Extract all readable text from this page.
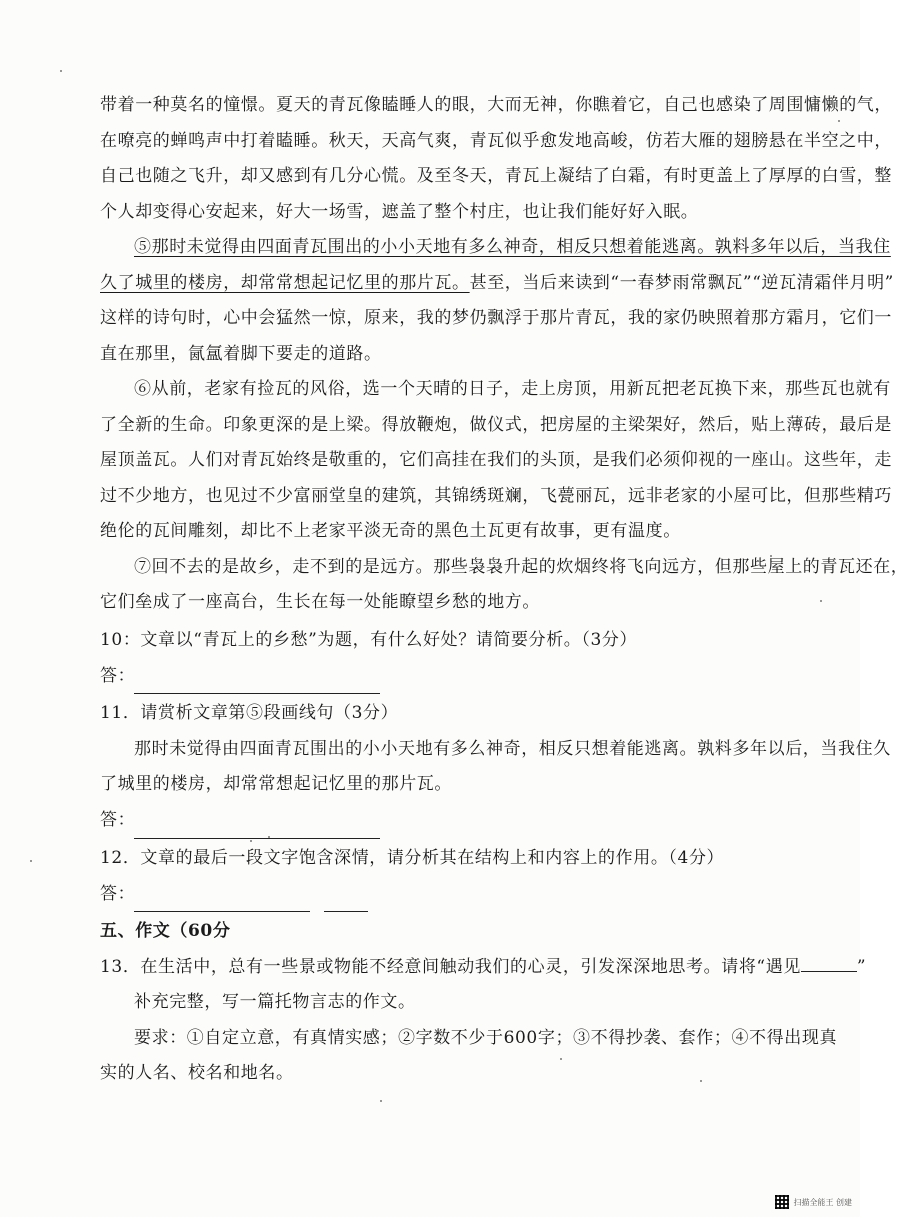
带着一种莫名的憧憬。夏天的青瓦像瞌睡人的眼，大而无神，你瞧着它，自己也感染了周围慵懒的气，

在嘹亮的蝉鸣声中打着瞌睡。秋天，天高气爽，青瓦似乎愈发地高峻，仿若大雁的翅膀悬在半空之中，

自己也随之飞升，却又感到有几分心慌。及至冬天，青瓦上凝结了白霜，有时更盖上了厚厚的白雪，整

个人却变得心安起来，好大一场雪，遮盖了整个村庄，也让我们能好好入眠。

⑤那时未觉得由四面青瓦围出的小小天地有多么神奇，相反只想着能逃离。孰料多年以后，当我住

久了城里的楼房，却常常想起记忆里的那片瓦。甚至，当后来读到“一春梦雨常飘瓦”“逆瓦清霜伴月明”

这样的诗句时，心中会猛然一惊，原来，我的梦仍飘浮于那片青瓦，我的家仍映照着那方霜月，它们一

直在那里，氤氲着脚下要走的道路。

⑥从前，老家有捡瓦的风俗，选一个天晴的日子，走上房顶，用新瓦把老瓦换下来，那些瓦也就有

了全新的生命。印象更深的是上梁。得放鞭炮，做仪式，把房屋的主梁架好，然后，贴上薄砖，最后是

屋顶盖瓦。人们对青瓦始终是敬重的，它们高挂在我们的头顶，是我们必须仰视的一座山。这些年，走

过不少地方，也见过不少富丽堂皇的建筑，其锦绣斑斓，飞甍丽瓦，远非老家的小屋可比，但那些精巧

绝伦的瓦间雕刻，却比不上老家平淡无奇的黑色土瓦更有故事，更有温度。

⑦回不去的是故乡，走不到的是远方。那些袅袅升起的炊烟终将飞向远方，但那些屋上的青瓦还在，

它们垒成了一座高台，生长在每一处能瞭望乡愁的地方。

10：文章以“青瓦上的乡愁”为题，有什么好处？请简要分析。（3分）

答：

11．请赏析文章第⑤段画线句（3分）

那时未觉得由四面青瓦围出的小小天地有多么神奇，相反只想着能逃离。孰料多年以后，当我住久

了城里的楼房，却常常想起记忆里的那片瓦。

答：

12．文章的最后一段文字饱含深情，请分析其在结构上和内容上的作用。（4分）

答：

五、作文（60分

13．在生活中，总有一些景或物能不经意间触动我们的心灵，引发深深地思考。请将“遇见	”

补充完整，写一篇托物言志的作文。

要求：①自定立意，有真情实感；②字数不少于600字；③不得抄袭、套作；④不得出现真

实的人名、校名和地名。

扫描全能王 创建
